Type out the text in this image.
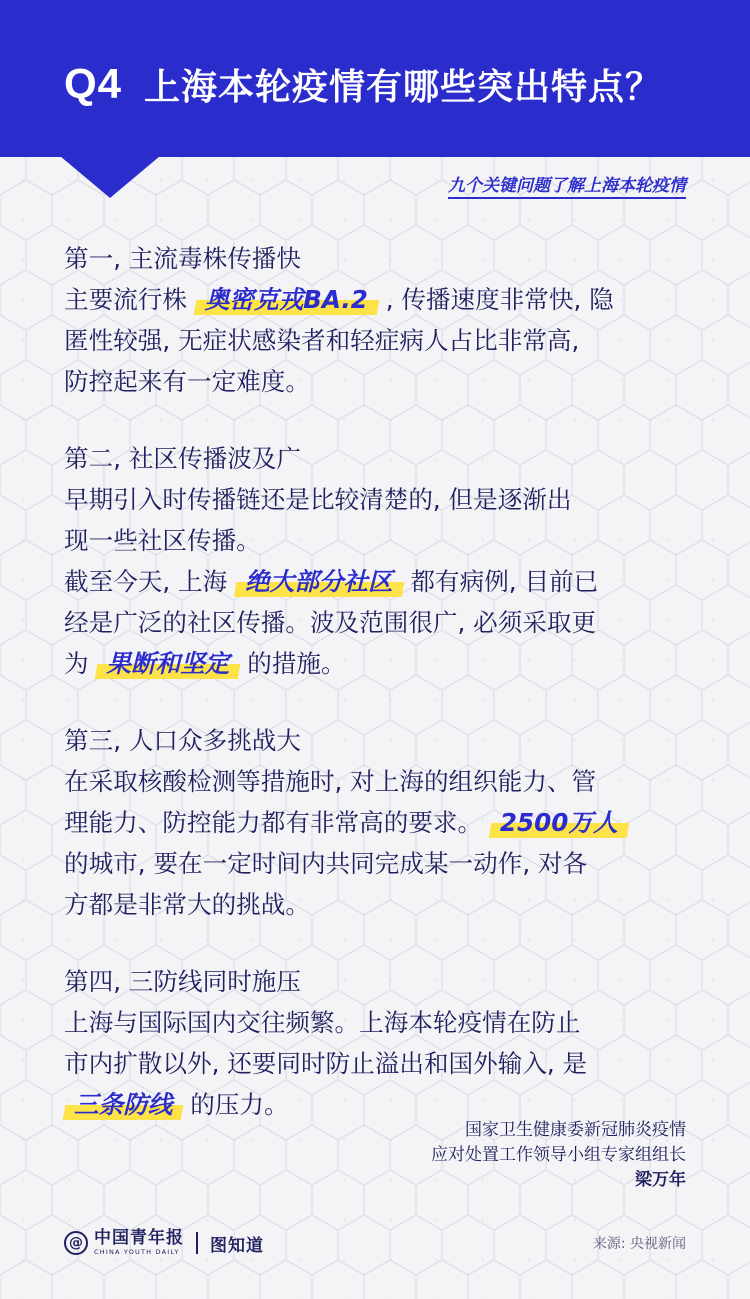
Q4 上海本轮疫情有哪些突出特点？
九个关键问题了解上海本轮疫情
第一, 主流毒株传播快
主要流行株 奥密克戎BA.2 , 传播速度非常快, 隐
匿性较强, 无症状感染者和轻症病人占比非常高,
防控起来有一定难度。
第二, 社区传播波及广
早期引入时传播链还是比较清楚的, 但是逐渐出
现一些社区传播。
截至今天, 上海 绝大部分社区 都有病例, 目前已
经是广泛的社区传播。波及范围很广, 必须采取更
为 果断和坚定 的措施。
第三, 人口众多挑战大
在采取核酸检测等措施时, 对上海的组织能力、管
理能力、防控能力都有非常高的要求。 2500万人
的城市, 要在一定时间内共同完成某一动作, 对各
方都是非常大的挑战。
第四, 三防线同时施压
上海与国际国内交往频繁。上海本轮疫情在防止
市内扩散以外, 还要同时防止溢出和国外输入, 是
三条防线 的压力。
国家卫生健康委新冠肺炎疫情
应对处置工作领导小组专家组组长
梁万年
@ 中国青年报
CHINA YOUTH DAILY 图知道	来源: 央视新闻
